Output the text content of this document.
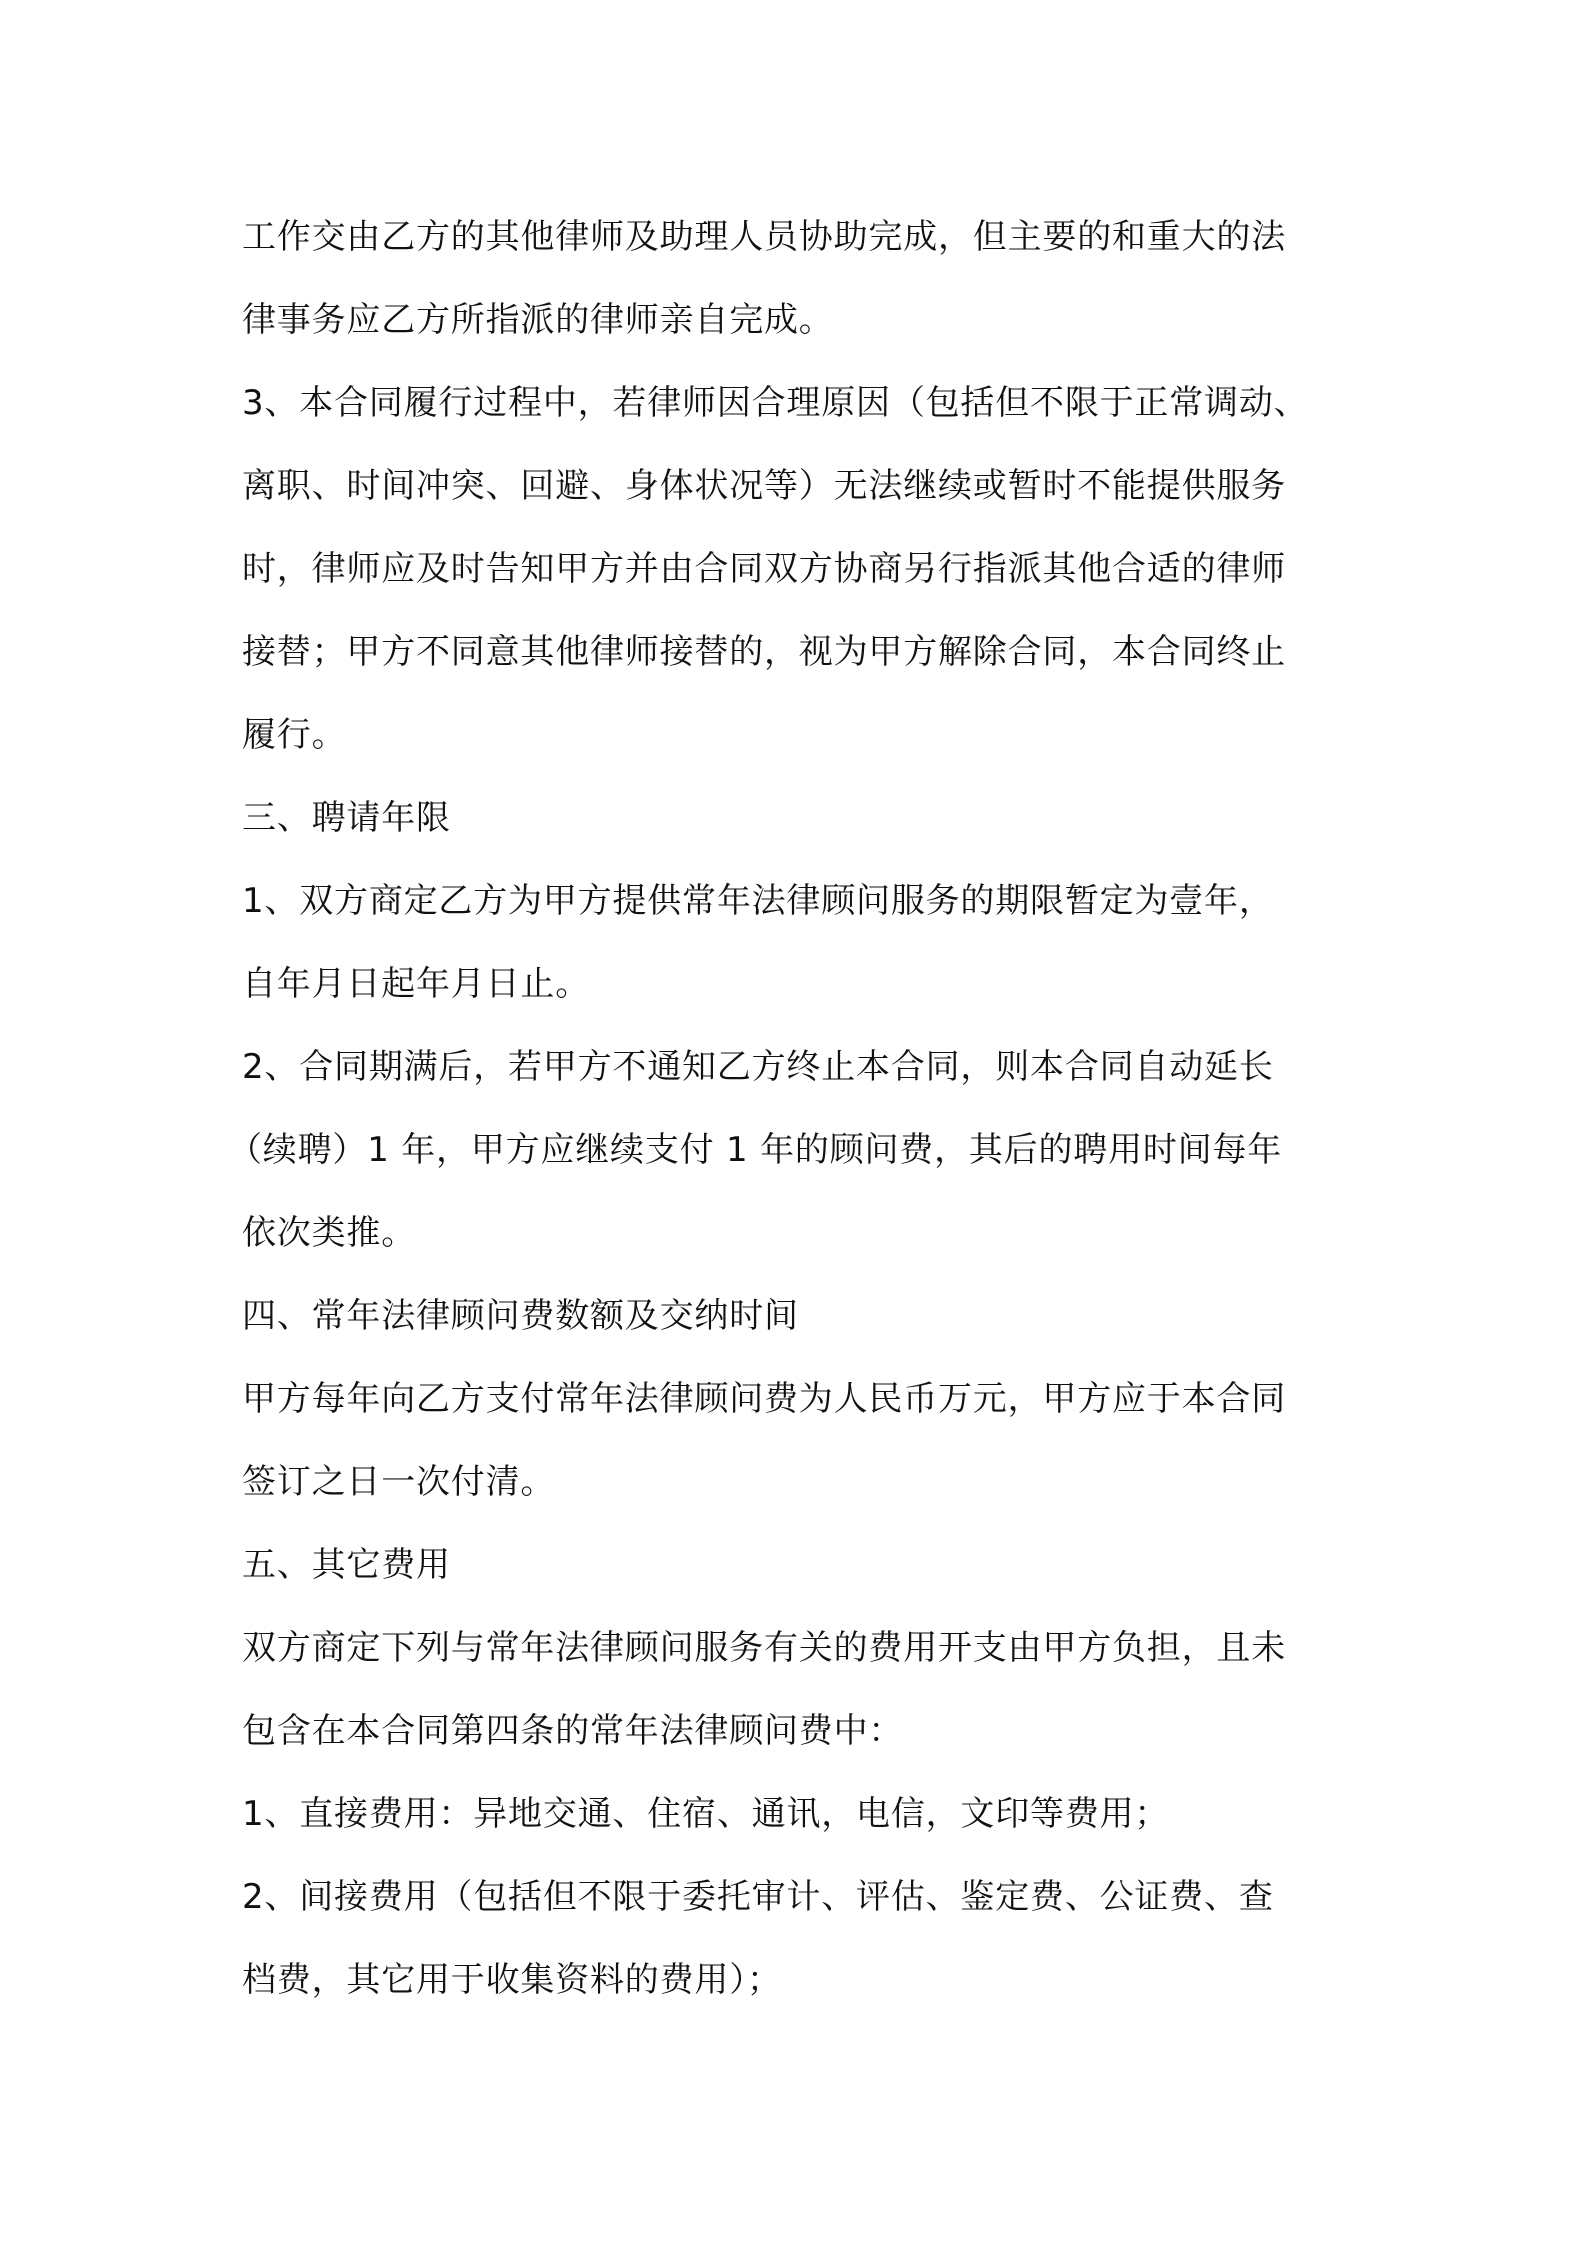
工作交由乙方的其他律师及助理人员协助完成，但主要的和重大的法
律事务应乙方所指派的律师亲自完成。
3、本合同履行过程中，若律师因合理原因（包括但不限于正常调动、
离职、时间冲突、回避、身体状况等）无法继续或暂时不能提供服务
时，律师应及时告知甲方并由合同双方协商另行指派其他合适的律师
接替；甲方不同意其他律师接替的，视为甲方解除合同，本合同终止
履行。
三、聘请年限
1、双方商定乙方为甲方提供常年法律顾问服务的期限暂定为壹年，
自年月日起年月日止。
2、合同期满后，若甲方不通知乙方终止本合同，则本合同自动延长
（续聘）1 年，甲方应继续支付 1 年的顾问费，其后的聘用时间每年
依次类推。
四、常年法律顾问费数额及交纳时间
甲方每年向乙方支付常年法律顾问费为人民币万元，甲方应于本合同
签订之日一次付清。
五、其它费用
双方商定下列与常年法律顾问服务有关的费用开支由甲方负担，且未
包含在本合同第四条的常年法律顾问费中：
1、直接费用：异地交通、住宿、通讯，电信，文印等费用；
2、间接费用（包括但不限于委托审计、评估、鉴定费、公证费、查
档费，其它用于收集资料的费用）；
